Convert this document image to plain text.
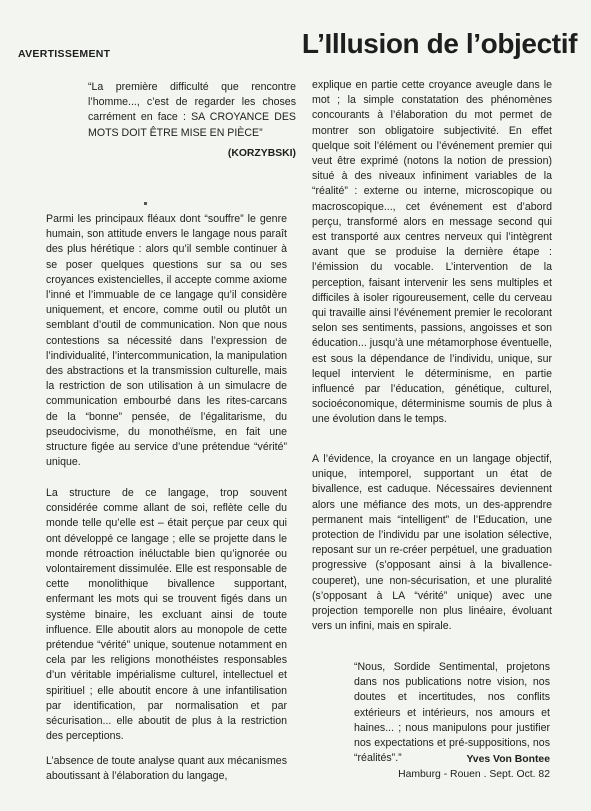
AVERTISSEMENT	L’Illusion de l’objectif

“La première difficulté que rencontre l’homme..., c’est de regarder les choses carrément en face : SA CROYANCE DES MOTS DOIT ÊTRE MISE EN PIÈCE”

(KORZYBSKI)

Parmi les principaux fléaux dont “souffre” le genre humain, son attitude envers le langage nous paraît des plus hérétique : alors qu’il semble continuer à se poser quelques questions sur sa ou ses croyances existencielles, il accepte comme axiome l’inné et l’immuable de ce langage qu’il considère uniquement, et encore, comme outil ou plutôt un semblant d’outil de communication. Non que nous contestions sa nécessité dans l’expression de l’individualité, l’intercommunication, la manipulation des abstractions et la transmission culturelle, mais la restriction de son utilisation à un simulacre de communication embourbé dans les rites-carcans de la “bonne” pensée, de l’égalitarisme, du pseudocivisme, du monothéïsme, en fait une structure figée au service d’une prétendue “vérité” unique.

La structure de ce langage, trop souvent considérée comme allant de soi, reflète celle du monde telle qu’elle est – était perçue par ceux qui ont développé ce langage ; elle se projette dans le monde rétroaction inéluctable bien qu’ignorée ou volontairement dissimulée. Elle est responsable de cette monolithique bivallence supportant, enfermant les mots qui se trouvent figés dans un système binaire, les excluant ainsi de toute influence. Elle aboutit alors au monopole de cette prétendue “vérité” unique, soutenue notamment en cela par les religions monothéistes responsables d’un véritable impérialisme culturel, intellectuel et spiritiuel ; elle aboutit encore à une infantilisation par identification, par normalisation et par sécurisation... elle aboutit de plus à la restriction des perceptions.

L’absence de toute analyse quant aux mécanismes aboutissant à l’élaboration du langage,

explique en partie cette croyance aveugle dans le mot ; la simple constatation des phénomènes concourants à l’élaboration du mot permet de montrer son obligatoire subjectivité. En effet quelque soit l’élément ou l’événement premier qui veut être exprimé (notons la notion de pression) situé à des niveaux infiniment variables de la “réalité” : externe ou interne, microscopique ou macroscopique..., cet événement est d’abord perçu, transformé alors en message second qui est transporté aux centres nerveux qui l’intègrent avant que se produise la dernière étape : l’émission du vocable. L’intervention de la perception, faisant intervenir les sens multiples et difficiles à isoler rigoureusement, celle du cerveau qui travaille ainsi l’événement premier le recolorant selon ses sentiments, passions, angoisses et son éducation... jusqu’à une métamorphose éventuelle, est sous la dépendance de l’individu, unique, sur lequel intervient le déterminisme, en partie influencé par l’éducation, génétique, culturel, socioéconomique, déterminisme soumis de plus à une évolution dans le temps.

A l’évidence, la croyance en un langage objectif, unique, intemporel, supportant un état de bivallence, est caduque. Nécessaires deviennent alors une méfiance des mots, un des-apprendre permanent mais “intelligent” de l’Education, une protection de l’individu par une isolation sélective, reposant sur un re-créer perpétuel, une graduation progressive (s’opposant ainsi à la bivallence-couperet), une non-sécurisation, et une pluralité (s’opposant à LA “vérité” unique) avec une projection temporelle non plus linéaire, évoluant vers un infini, mais en spirale.

“Nous, Sordide Sentimental, projetons dans nos publications notre vision, nos doutes et incertitudes, nos conflits extérieurs et intérieurs, nos amours et haines... ; nous manipulons pour justifier nos expectations et pré-suppositions, nos “réalités”.”	Yves Von Bontee
Hamburg - Rouen . Sept. Oct. 82
